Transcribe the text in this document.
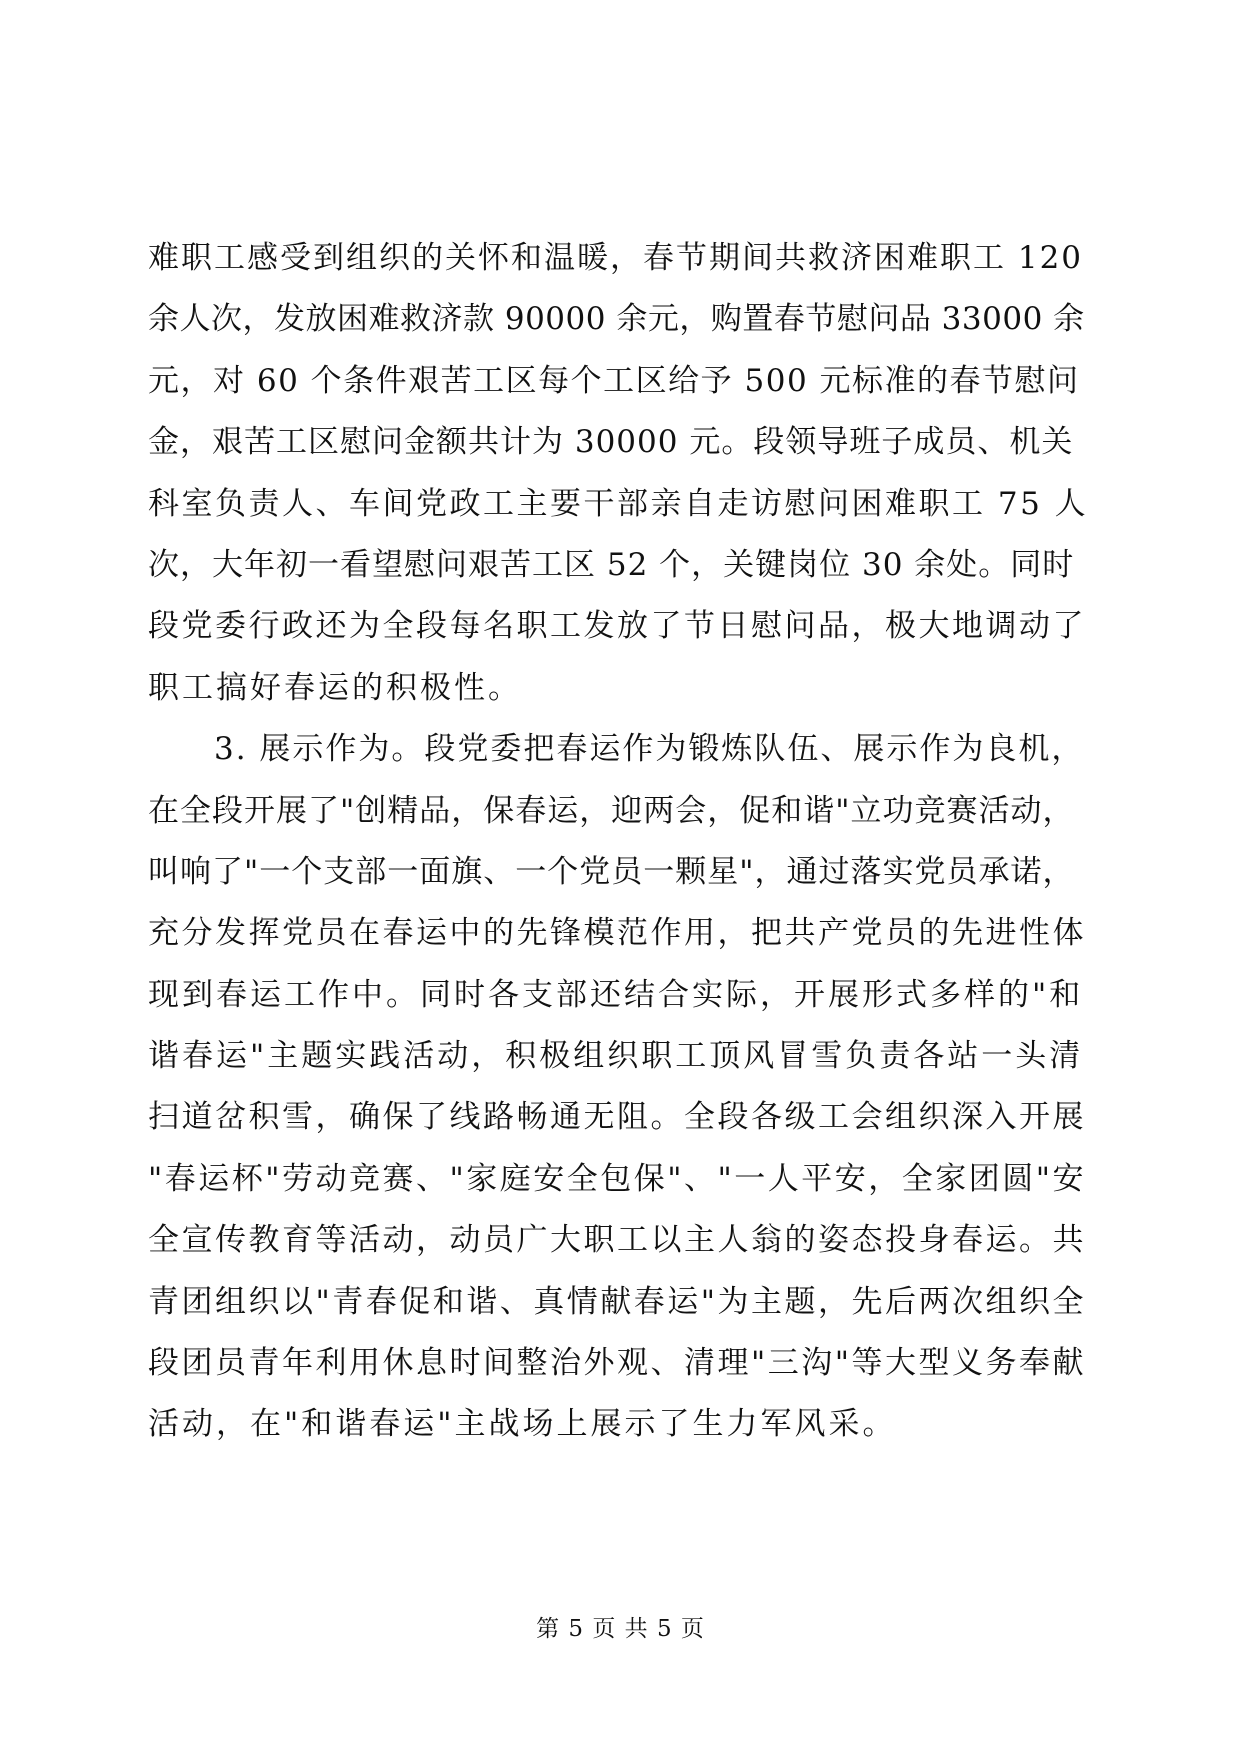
难职工感受到组织的关怀和温暖，春节期间共救济困难职工 120
余人次，发放困难救济款 90000 余元，购置春节慰问品 33000 余
元，对 60 个条件艰苦工区每个工区给予 500 元标准的春节慰问
金，艰苦工区慰问金额共计为 30000 元。段领导班子成员、机关
科室负责人、车间党政工主要干部亲自走访慰问困难职工 75 人
次，大年初一看望慰问艰苦工区 52 个，关键岗位 30 余处。同时
段党委行政还为全段每名职工发放了节日慰问品，极大地调动了
职工搞好春运的积极性。
　　3. 展示作为。段党委把春运作为锻炼队伍、展示作为良机，
在全段开展了"创精品，保春运，迎两会，促和谐"立功竞赛活动，
叫响了"一个支部一面旗、一个党员一颗星"，通过落实党员承诺，
充分发挥党员在春运中的先锋模范作用，把共产党员的先进性体
现到春运工作中。同时各支部还结合实际，开展形式多样的"和
谐春运"主题实践活动，积极组织职工顶风冒雪负责各站一头清
扫道岔积雪，确保了线路畅通无阻。全段各级工会组织深入开展
"春运杯"劳动竞赛、"家庭安全包保"、"一人平安，全家团圆"安
全宣传教育等活动，动员广大职工以主人翁的姿态投身春运。共
青团组织以"青春促和谐、真情献春运"为主题，先后两次组织全
段团员青年利用休息时间整治外观、清理"三沟"等大型义务奉献
活动，在"和谐春运"主战场上展示了生力军风采。
第 5 页 共 5 页
